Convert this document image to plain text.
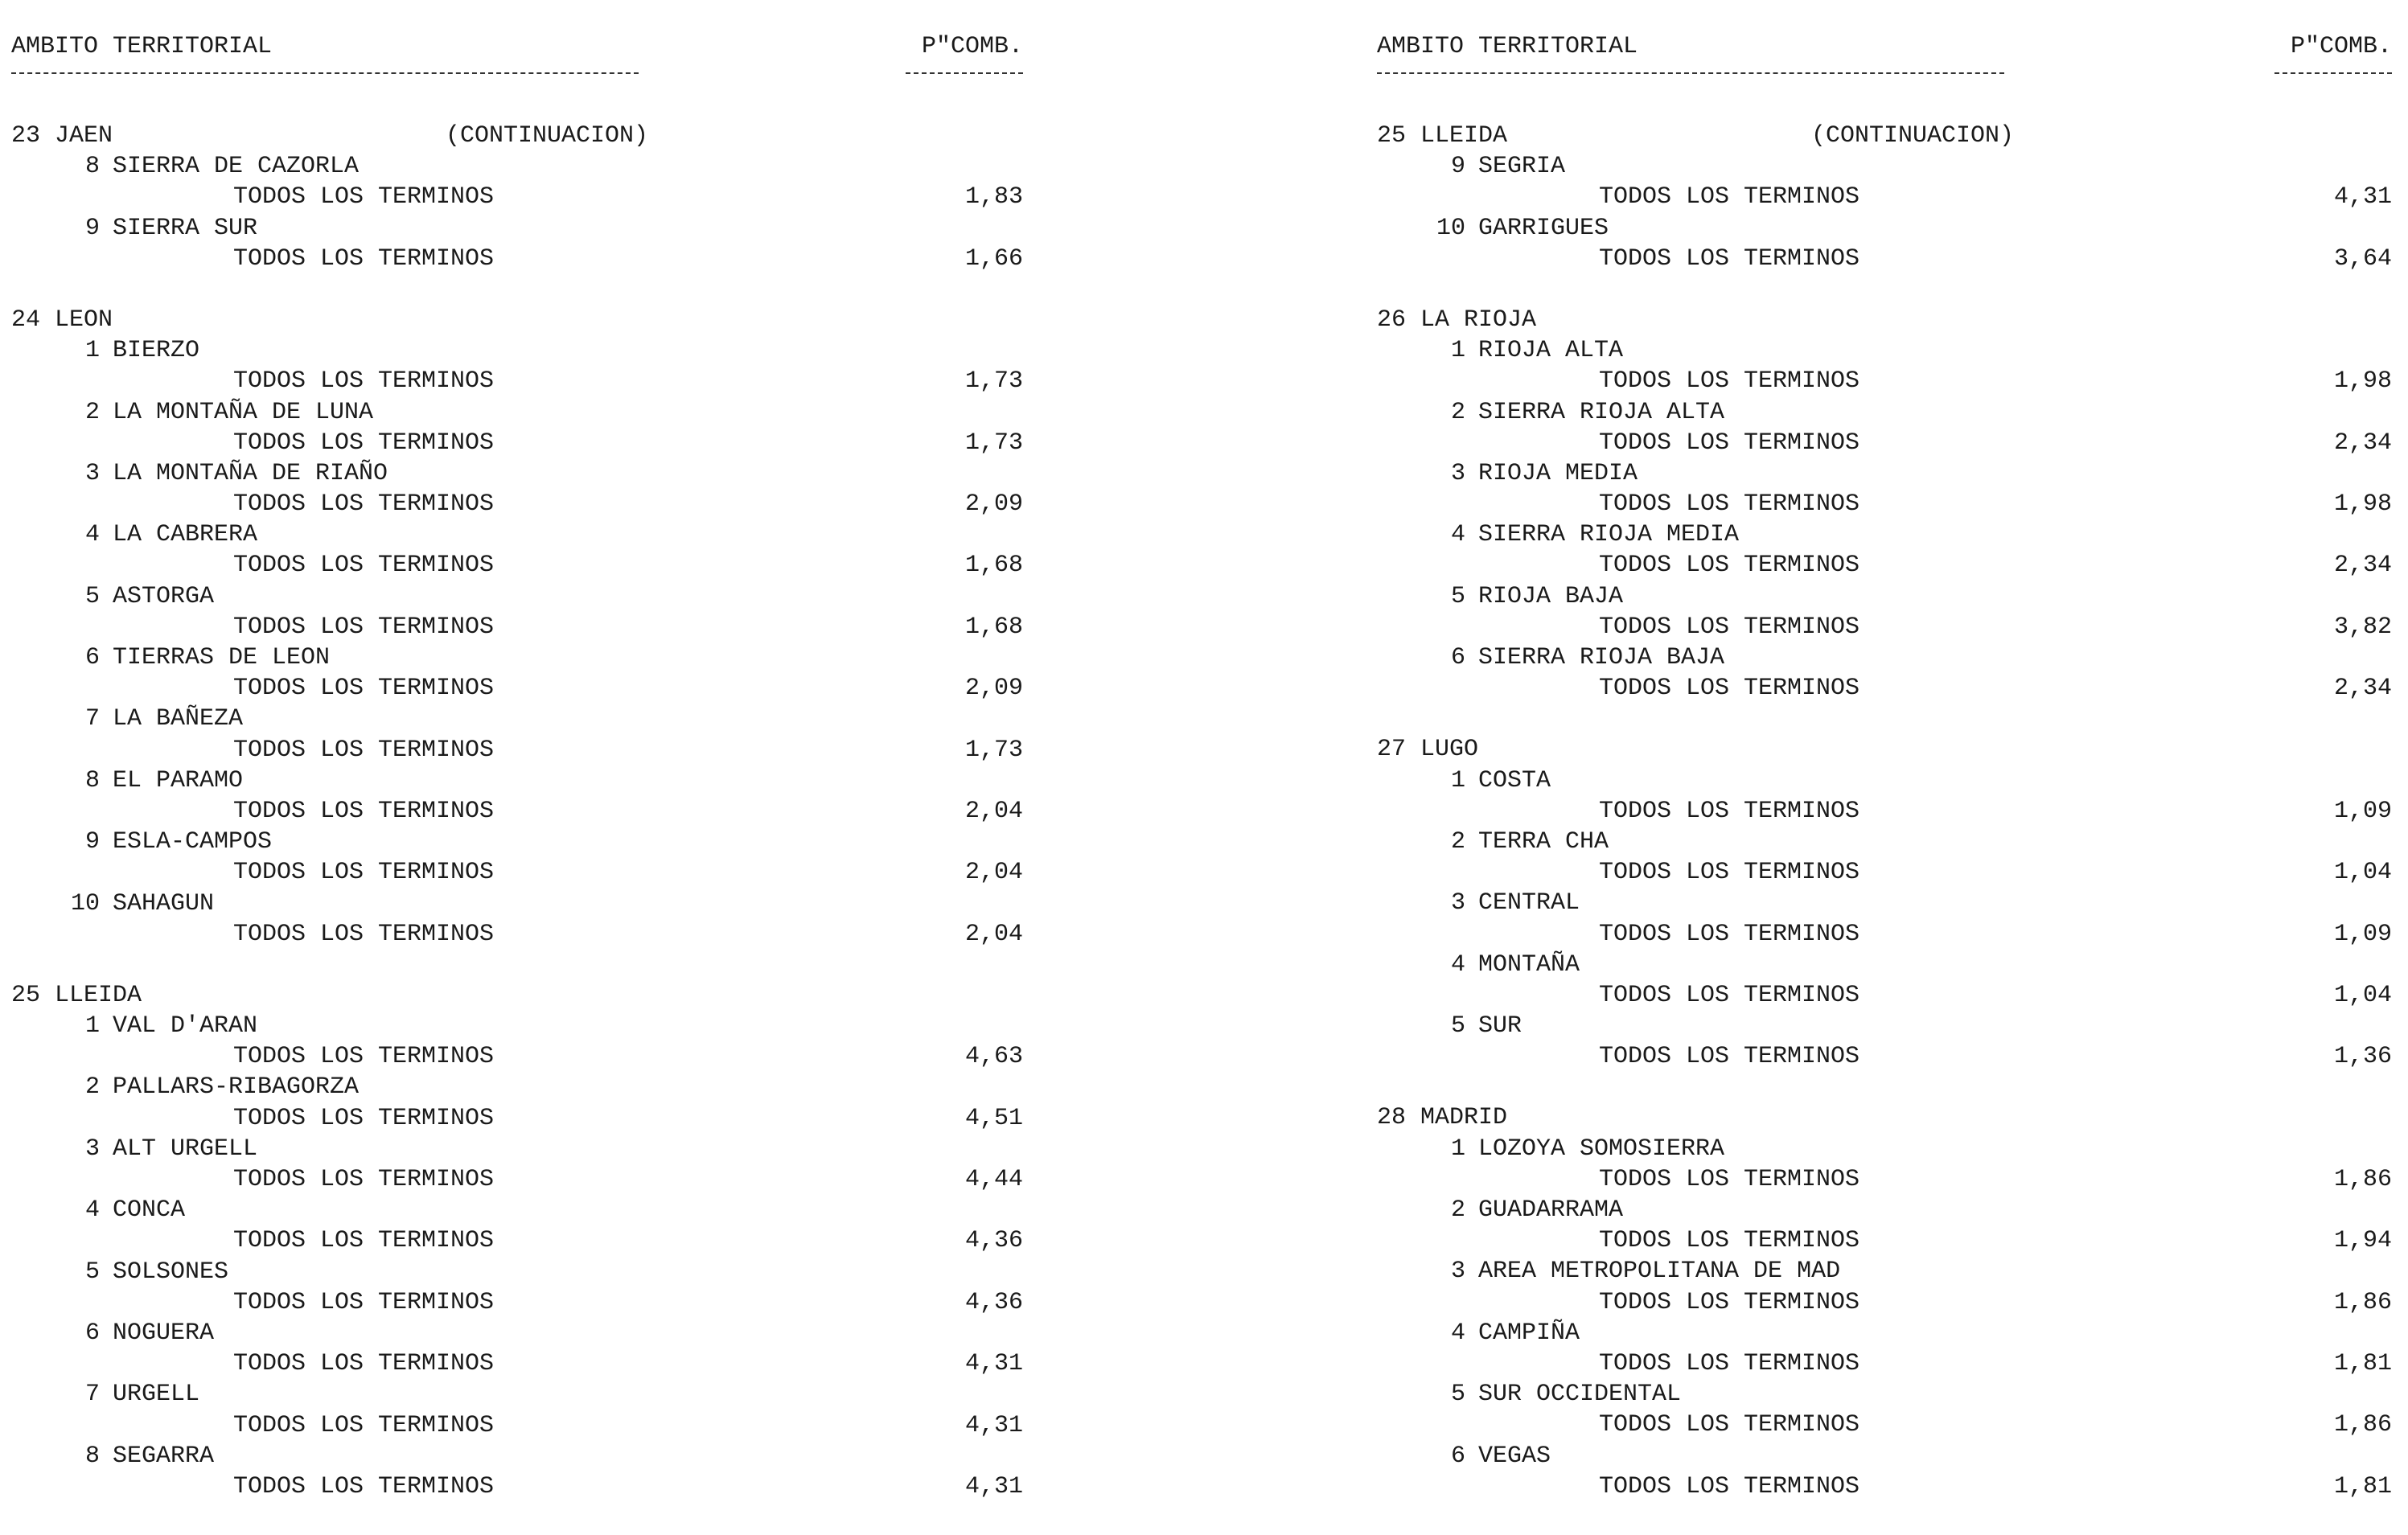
AMBITO TERRITORIAL	P"COMB.
23 JAEN	(CONTINUACION)
8 SIERRA DE CAZORLA
TODOS LOS TERMINOS	1,83
9 SIERRA SUR
TODOS LOS TERMINOS	1,66
24 LEON
1 BIERZO
TODOS LOS TERMINOS	1,73
2 LA MONTAÑA DE LUNA
TODOS LOS TERMINOS	1,73
3 LA MONTAÑA DE RIAÑO
TODOS LOS TERMINOS	2,09
4 LA CABRERA
TODOS LOS TERMINOS	1,68
5 ASTORGA
TODOS LOS TERMINOS	1,68
6 TIERRAS DE LEON
TODOS LOS TERMINOS	2,09
7 LA BAÑEZA
TODOS LOS TERMINOS	1,73
8 EL PARAMO
TODOS LOS TERMINOS	2,04
9 ESLA-CAMPOS
TODOS LOS TERMINOS	2,04
10 SAHAGUN
TODOS LOS TERMINOS	2,04
25 LLEIDA
1 VAL D'ARAN
TODOS LOS TERMINOS	4,63
2 PALLARS-RIBAGORZA
TODOS LOS TERMINOS	4,51
3 ALT URGELL
TODOS LOS TERMINOS	4,44
4 CONCA
TODOS LOS TERMINOS	4,36
5 SOLSONES
TODOS LOS TERMINOS	4,36
6 NOGUERA
TODOS LOS TERMINOS	4,31
7 URGELL
TODOS LOS TERMINOS	4,31
8 SEGARRA
TODOS LOS TERMINOS	4,31
AMBITO TERRITORIAL	P"COMB.
25 LLEIDA	(CONTINUACION)
9 SEGRIA
TODOS LOS TERMINOS	4,31
10 GARRIGUES
TODOS LOS TERMINOS	3,64
26 LA RIOJA
1 RIOJA ALTA
TODOS LOS TERMINOS	1,98
2 SIERRA RIOJA ALTA
TODOS LOS TERMINOS	2,34
3 RIOJA MEDIA
TODOS LOS TERMINOS	1,98
4 SIERRA RIOJA MEDIA
TODOS LOS TERMINOS	2,34
5 RIOJA BAJA
TODOS LOS TERMINOS	3,82
6 SIERRA RIOJA BAJA
TODOS LOS TERMINOS	2,34
27 LUGO
1 COSTA
TODOS LOS TERMINOS	1,09
2 TERRA CHA
TODOS LOS TERMINOS	1,04
3 CENTRAL
TODOS LOS TERMINOS	1,09
4 MONTAÑA
TODOS LOS TERMINOS	1,04
5 SUR
TODOS LOS TERMINOS	1,36
28 MADRID
1 LOZOYA SOMOSIERRA
TODOS LOS TERMINOS	1,86
2 GUADARRAMA
TODOS LOS TERMINOS	1,94
3 AREA METROPOLITANA DE MAD
TODOS LOS TERMINOS	1,86
4 CAMPIÑA
TODOS LOS TERMINOS	1,81
5 SUR OCCIDENTAL
TODOS LOS TERMINOS	1,86
6 VEGAS
TODOS LOS TERMINOS	1,81
